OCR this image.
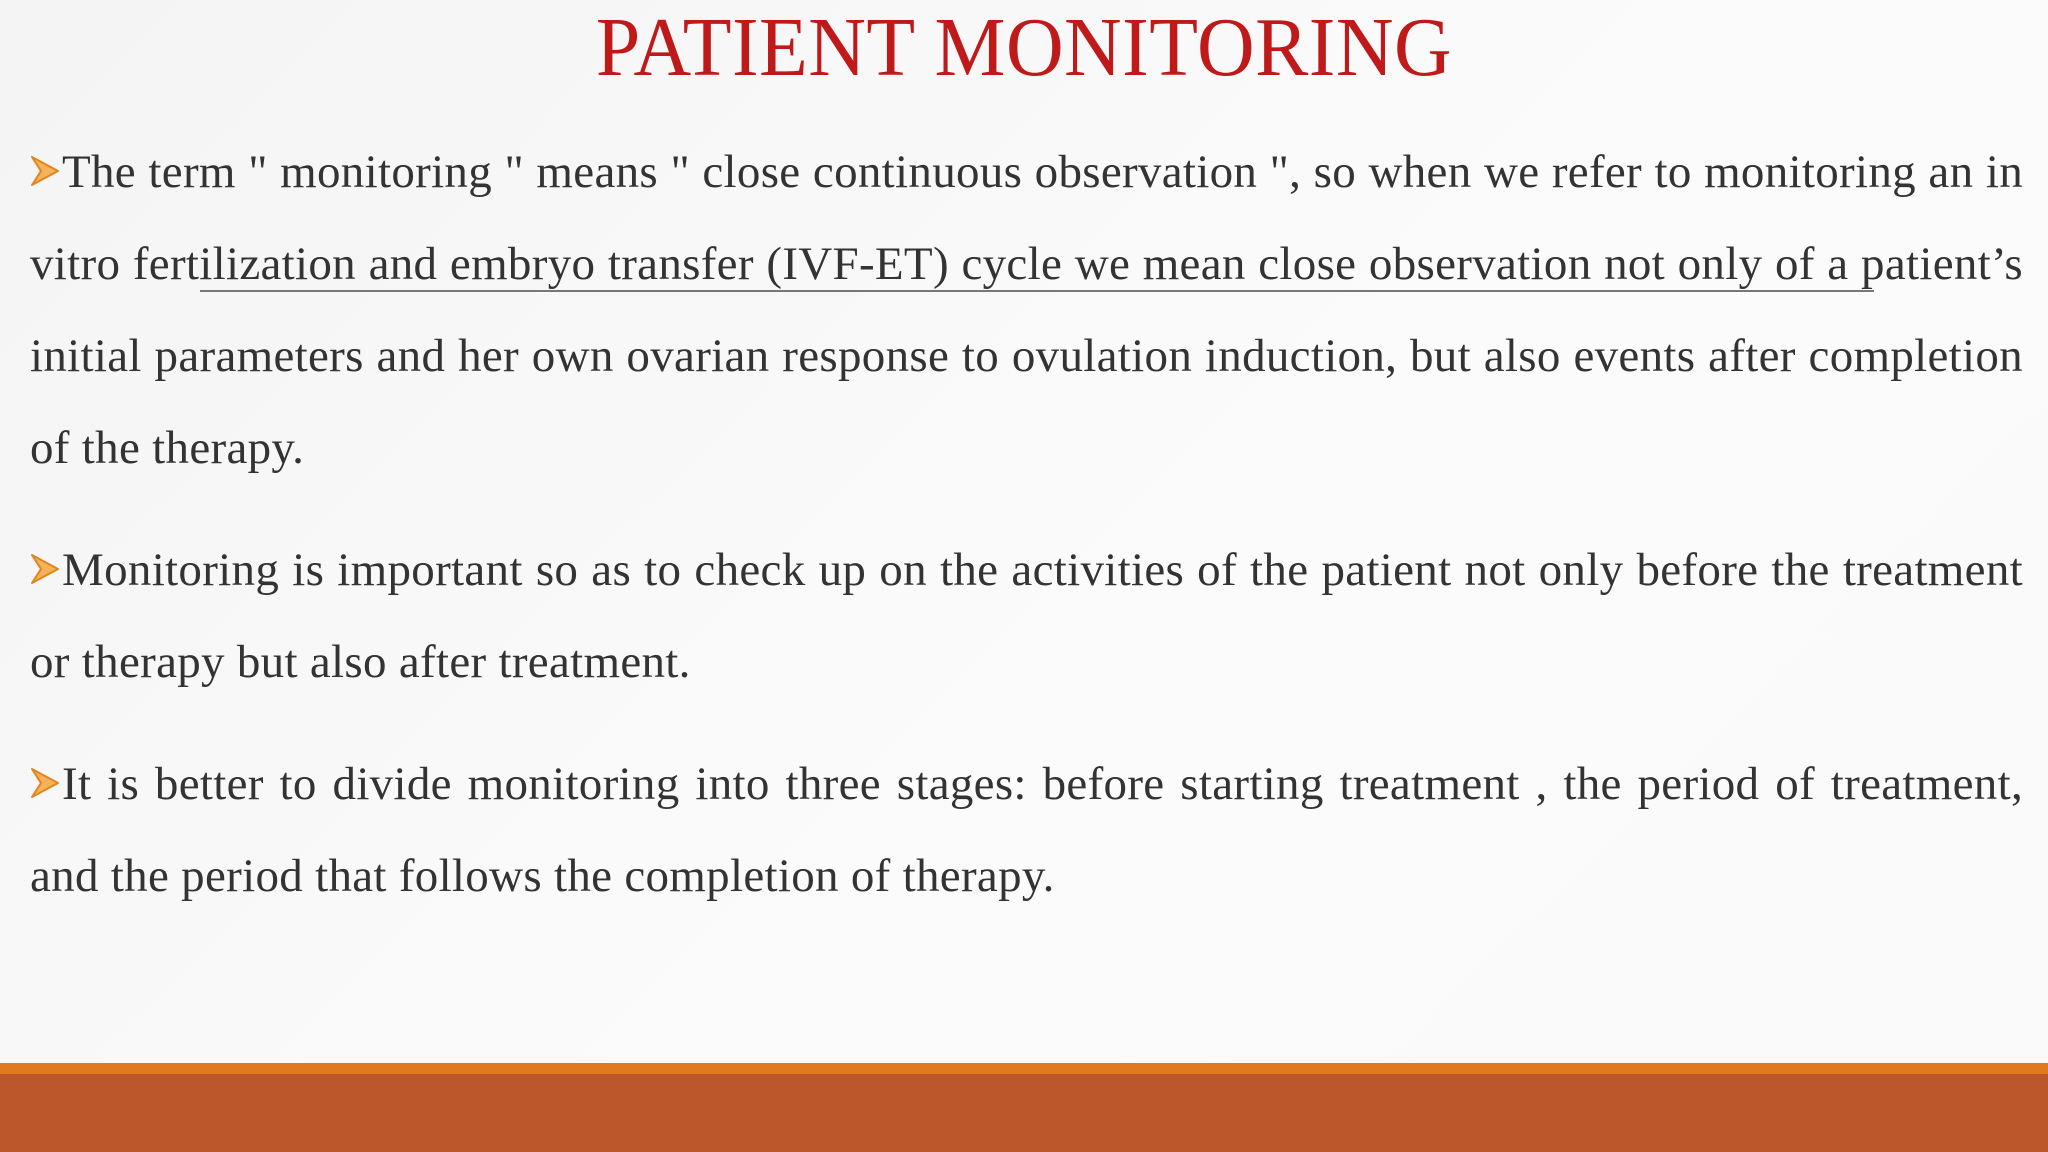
PATIENT MONITORING

The term " monitoring " means " close continuous observation ", so when we refer to monitoring an in vitro fertilization and embryo transfer (IVF-ET) cycle we mean close observation not only of a patient’s initial parameters and her own ovarian response to ovulation induction, but also events after completion of the therapy.

Monitoring is important so as to check up on the activities of the patient not only before the treatment or therapy but also after treatment.

It is better to divide monitoring into three stages: before starting treatment , the period of treatment, and the period that follows the completion of therapy.
